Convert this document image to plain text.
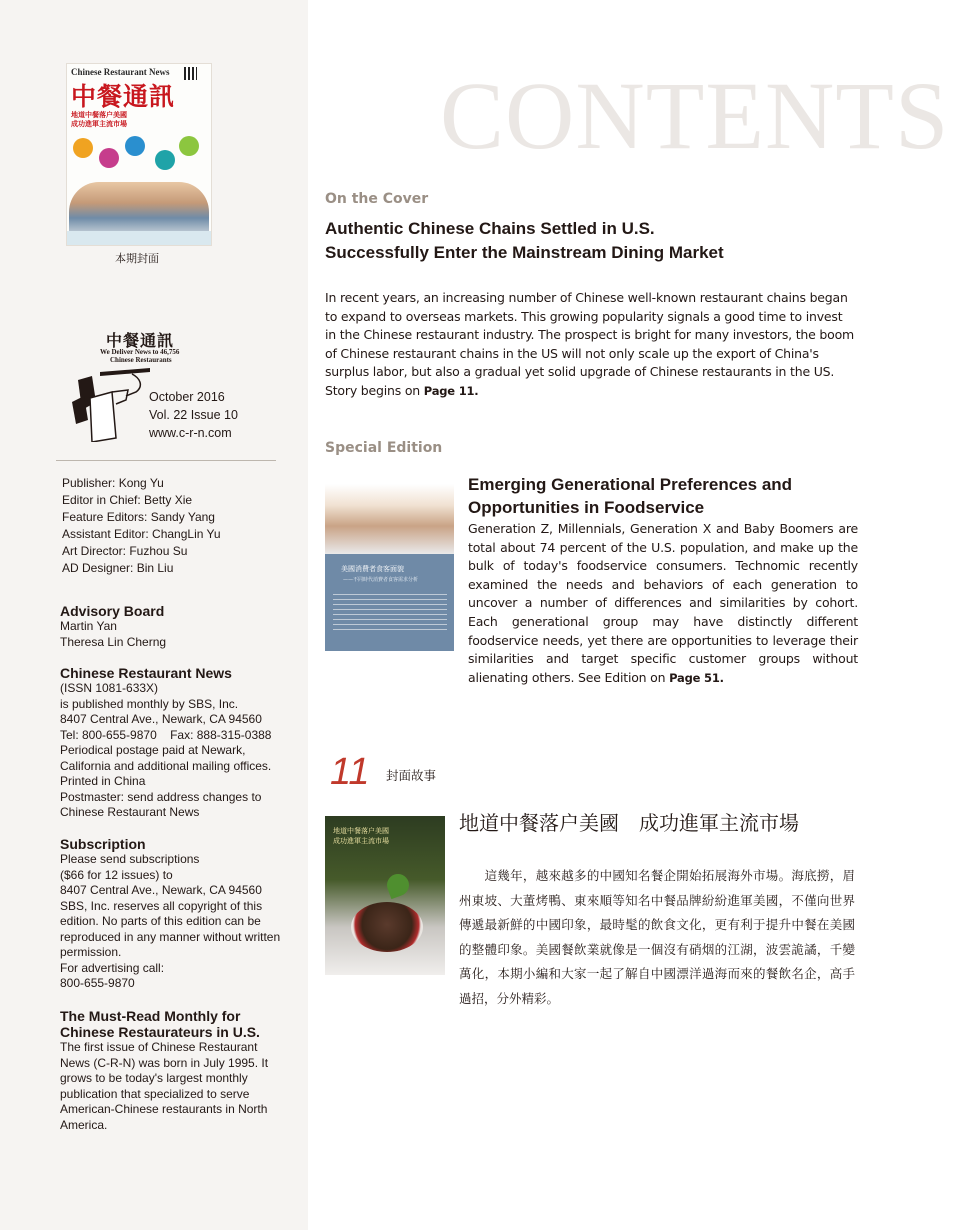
Chinese Restaurant News
中餐通訊
地道中餐落户美國
成功進軍主流市場
本期封面
中餐通訊
We Deliver News to 46,756
Chinese Restaurants
October 2016
Vol. 22 Issue 10
www.c-r-n.com
Publisher: Kong Yu
Editor in Chief: Betty Xie
Feature Editors: Sandy Yang
Assistant Editor: ChangLin Yu
Art Director: Fuzhou Su
AD Designer: Bin Liu
Advisory Board
Martin Yan
Theresa Lin Cherng
Chinese Restaurant News
(ISSN 1081-633X)
is published monthly by SBS, Inc.
8407 Central Ave., Newark, CA 94560
Tel: 800-655-9870    Fax: 888-315-0388
Periodical postage paid at Newark,
California and additional mailing offices.
Printed in China
Postmaster: send address changes to
Chinese Restaurant News
Subscription
Please send subscriptions
($66 for 12 issues) to
8407 Central Ave., Newark, CA 94560
SBS, Inc. reserves all copyright of this
edition. No parts of this edition can be
reproduced in any manner without written
permission.
For advertising call:
800-655-9870
The Must-Read Monthly for
Chinese Restaurateurs in U.S.
The first issue of Chinese Restaurant
News (C-R-N) was born in July 1995. It
grows to be today's largest monthly
publication that specialized to serve
American-Chinese restaurants in North
America.
CONTENTS
On the Cover
Authentic Chinese Chains Settled in U.S.
Successfully Enter the Mainstream Dining Market
In recent years, an increasing number of Chinese well-known restaurant chains began to expand to overseas markets. This growing popularity signals a good time to invest in the Chinese restaurant industry. The prospect is bright for many investors, the boom of Chinese restaurant chains in the US will not only scale up the export of China's surplus labor, but also a gradual yet solid upgrade of Chinese restaurants in the US. Story begins on Page 11.
Special Edition
美國消費者食客面貌
——不同時代消費者食客需求分析
Emerging Generational Preferences and
Opportunities in Foodservice
Generation Z, Millennials, Generation X and Baby Boomers are total about 74 percent of the U.S. population, and make up the bulk of today's foodservice consumers. Technomic recently examined the needs and behaviors of each generation to uncover a number of differences and similarities by cohort. Each generational group may have distinctly different foodservice needs, yet there are opportunities to leverage their similarities and target specific customer groups without alienating others. See Edition on Page 51.
11 封面故事
地道中餐落户美國
成功進軍主流市場
地道中餐落户美國　成功進軍主流市場
　　這幾年，越來越多的中國知名餐企開始拓展海外市場。海底撈，眉州東坡、大董烤鴨、東來順等知名中餐品牌紛紛進軍美國，不僅向世界傳遞最新鮮的中國印象，最時髦的飲食文化，更有利于提升中餐在美國的整體印象。美國餐飲業就像是一個沒有硝烟的江湖，波雲詭譎，千變萬化，本期小編和大家一起了解自中國漂洋過海而來的餐飲名企，高手過招，分外精彩。
